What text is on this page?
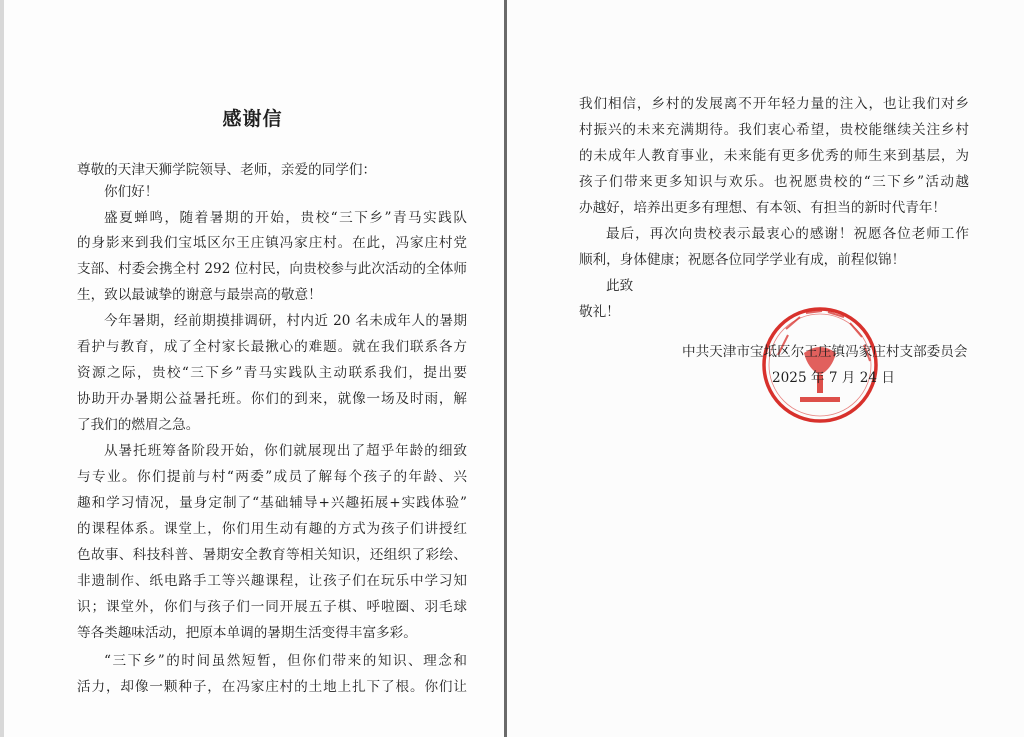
感谢信
尊敬的天津天狮学院领导、老师，亲爱的同学们：
你们好！
盛夏蝉鸣，随着暑期的开始，贵校“三下乡”青马实践队
的身影来到我们宝坻区尔王庄镇冯家庄村。在此，冯家庄村党
支部、村委会携全村 292 位村民，向贵校参与此次活动的全体师
生，致以最诚挚的谢意与最崇高的敬意！
今年暑期，经前期摸排调研，村内近 20 名未成年人的暑期
看护与教育，成了全村家长最揪心的难题。就在我们联系各方
资源之际，贵校“三下乡”青马实践队主动联系我们，提出要
协助开办暑期公益暑托班。你们的到来，就像一场及时雨，解
了我们的燃眉之急。
从暑托班筹备阶段开始，你们就展现出了超乎年龄的细致
与专业。你们提前与村“两委”成员了解每个孩子的年龄、兴
趣和学习情况，量身定制了“基础辅导+兴趣拓展+实践体验”
的课程体系。课堂上，你们用生动有趣的方式为孩子们讲授红
色故事、科技科普、暑期安全教育等相关知识，还组织了彩绘、
非遗制作、纸电路手工等兴趣课程，让孩子们在玩乐中学习知
识；课堂外，你们与孩子们一同开展五子棋、呼啦圈、羽毛球
等各类趣味活动，把原本单调的暑期生活变得丰富多彩。
“三下乡”的时间虽然短暂，但你们带来的知识、理念和
活力，却像一颗种子，在冯家庄村的土地上扎下了根。你们让
我们相信，乡村的发展离不开年轻力量的注入，也让我们对乡
村振兴的未来充满期待。我们衷心希望，贵校能继续关注乡村
的未成年人教育事业，未来能有更多优秀的师生来到基层，为
孩子们带来更多知识与欢乐。也祝愿贵校的“三下乡”活动越
办越好，培养出更多有理想、有本领、有担当的新时代青年！
最后，再次向贵校表示最衷心的感谢！祝愿各位老师工作
顺利，身体健康；祝愿各位同学学业有成，前程似锦！
此致
敬礼！
中共天津市宝坻区尔王庄镇冯家庄村支部委员会
2025 年 7 月 24 日
